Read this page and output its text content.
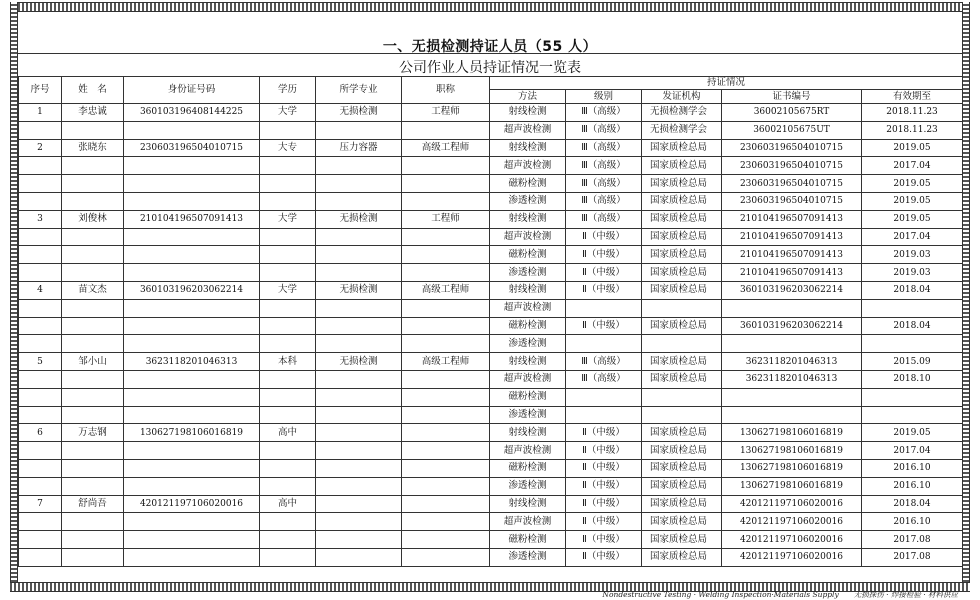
一、无损检测持证人员（55 人）
公司作业人员持证情况一览表
序号	姓　名	身份证号码	学历	所学专业	职称	持证情况				
						方法	级别	发证机构	证书编号	有效期至
1	李忠诚	360103196408144225	大学	无损检测	工程师	射线检测	Ⅲ（高级）	无损检测学会	36002105675RT	2018.11.23
						超声波检测	Ⅲ（高级）	无损检测学会	36002105675UT	2018.11.23
2	张晓东	230603196504010715	大专	压力容器	高级工程师	射线检测	Ⅲ（高级）	国家质检总局	230603196504010715	2019.05
						超声波检测	Ⅲ（高级）	国家质检总局	230603196504010715	2017.04
						磁粉检测	Ⅲ（高级）	国家质检总局	230603196504010715	2019.05
						渗透检测	Ⅲ（高级）	国家质检总局	230603196504010715	2019.05
3	刘俊林	210104196507091413	大学	无损检测	工程师	射线检测	Ⅲ（高级）	国家质检总局	210104196507091413	2019.05
						超声波检测	Ⅱ（中级）	国家质检总局	210104196507091413	2017.04
						磁粉检测	Ⅱ（中级）	国家质检总局	210104196507091413	2019.03
						渗透检测	Ⅱ（中级）	国家质检总局	210104196507091413	2019.03
4	苗文杰	360103196203062214	大学	无损检测	高级工程师	射线检测	Ⅱ（中级）	国家质检总局	360103196203062214	2018.04
						超声波检测				
						磁粉检测	Ⅱ（中级）	国家质检总局	360103196203062214	2018.04
						渗透检测				
5	邹小山	3623118201046313	本科	无损检测	高级工程师	射线检测	Ⅲ（高级）	国家质检总局	3623118201046313	2015.09
						超声波检测	Ⅲ（高级）	国家质检总局	3623118201046313	2018.10
						磁粉检测				
						渗透检测				
6	万志钢	130627198106016819	高中			射线检测	Ⅱ（中级）	国家质检总局	130627198106016819	2019.05
						超声波检测	Ⅱ（中级）	国家质检总局	130627198106016819	2017.04
						磁粉检测	Ⅱ（中级）	国家质检总局	130627198106016819	2016.10
						渗透检测	Ⅱ（中级）	国家质检总局	130627198106016819	2016.10
7	舒尚吾	420121197106020016	高中			射线检测	Ⅱ（中级）	国家质检总局	420121197106020016	2018.04
						超声波检测	Ⅱ（中级）	国家质检总局	420121197106020016	2016.10
						磁粉检测	Ⅱ（中级）	国家质检总局	420121197106020016	2017.08
						渗透检测	Ⅱ（中级）	国家质检总局	420121197106020016	2017.08
Nondestructive Testing · Welding Inspection·Materials Supply　　无损探伤 · 焊接检验 · 材料供应
